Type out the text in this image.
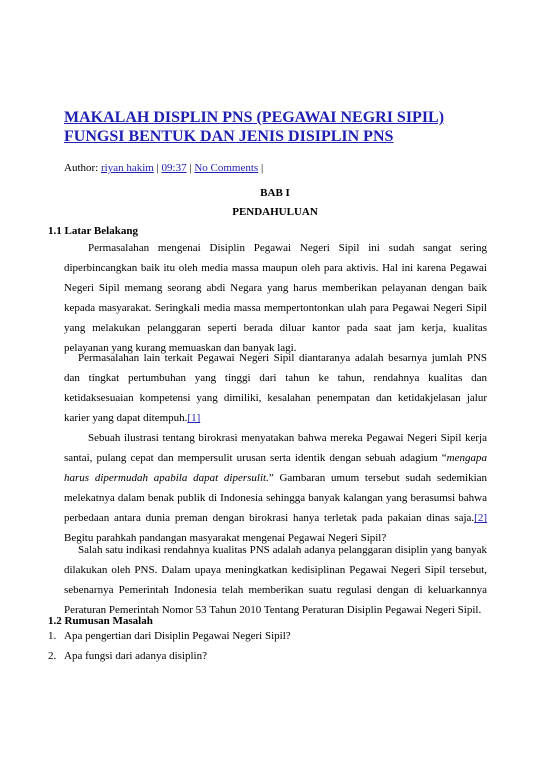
MAKALAH DISPLIN PNS (PEGAWAI NEGRI SIPIL)
FUNGSI BENTUK DAN JENIS DISIPLIN PNS
Author: riyan hakim | 09:37 | No Comments |
BAB I
PENDAHULUAN
1.1 Latar Belakang

Permasalahan mengenai Disiplin Pegawai Negeri Sipil ini sudah sangat sering diperbincangkan baik itu oleh media massa maupun oleh para aktivis. Hal ini karena Pegawai Negeri Sipil memang seorang abdi Negara yang harus memberikan pelayanan dengan baik kepada masyarakat. Seringkali media massa mempertontonkan ulah para Pegawai Negeri Sipil yang melakukan pelanggaran seperti berada diluar kantor pada saat jam kerja, kualitas pelayanan yang kurang memuaskan dan banyak lagi.

Permasalahan lain terkait Pegawai Negeri Sipil diantaranya adalah besarnya jumlah PNS dan tingkat pertumbuhan yang tinggi dari tahun ke tahun, rendahnya kualitas dan ketidaksesuaian kompetensi yang dimiliki, kesalahan penempatan dan ketidakjelasan jalur karier yang dapat ditempuh.[1]

Sebuah ilustrasi tentang birokrasi menyatakan bahwa mereka Pegawai Negeri Sipil kerja santai, pulang cepat dan mempersulit urusan serta identik dengan sebuah adagium “mengapa harus dipermudah apabila dapat dipersulit.” Gambaran umum tersebut sudah sedemikian melekatnya dalam benak publik di Indonesia sehingga banyak kalangan yang berasumsi bahwa perbedaan antara dunia preman dengan birokrasi hanya terletak pada pakaian dinas saja.[2] Begitu parahkah pandangan masyarakat mengenai Pegawai Negeri Sipil?

Salah satu indikasi rendahnya kualitas PNS adalah adanya pelanggaran disiplin yang banyak dilakukan oleh PNS. Dalam upaya meningkatkan kedisiplinan Pegawai Negeri Sipil tersebut, sebenarnya Pemerintah Indonesia telah memberikan suatu regulasi dengan di keluarkannya Peraturan Pemerintah Nomor 53 Tahun 2010 Tentang Peraturan Disiplin Pegawai Negeri Sipil.

1.2 Rumusan Masalah
1. Apa pengertian dari Disiplin Pegawai Negeri Sipil?
2. Apa fungsi dari adanya disiplin?
